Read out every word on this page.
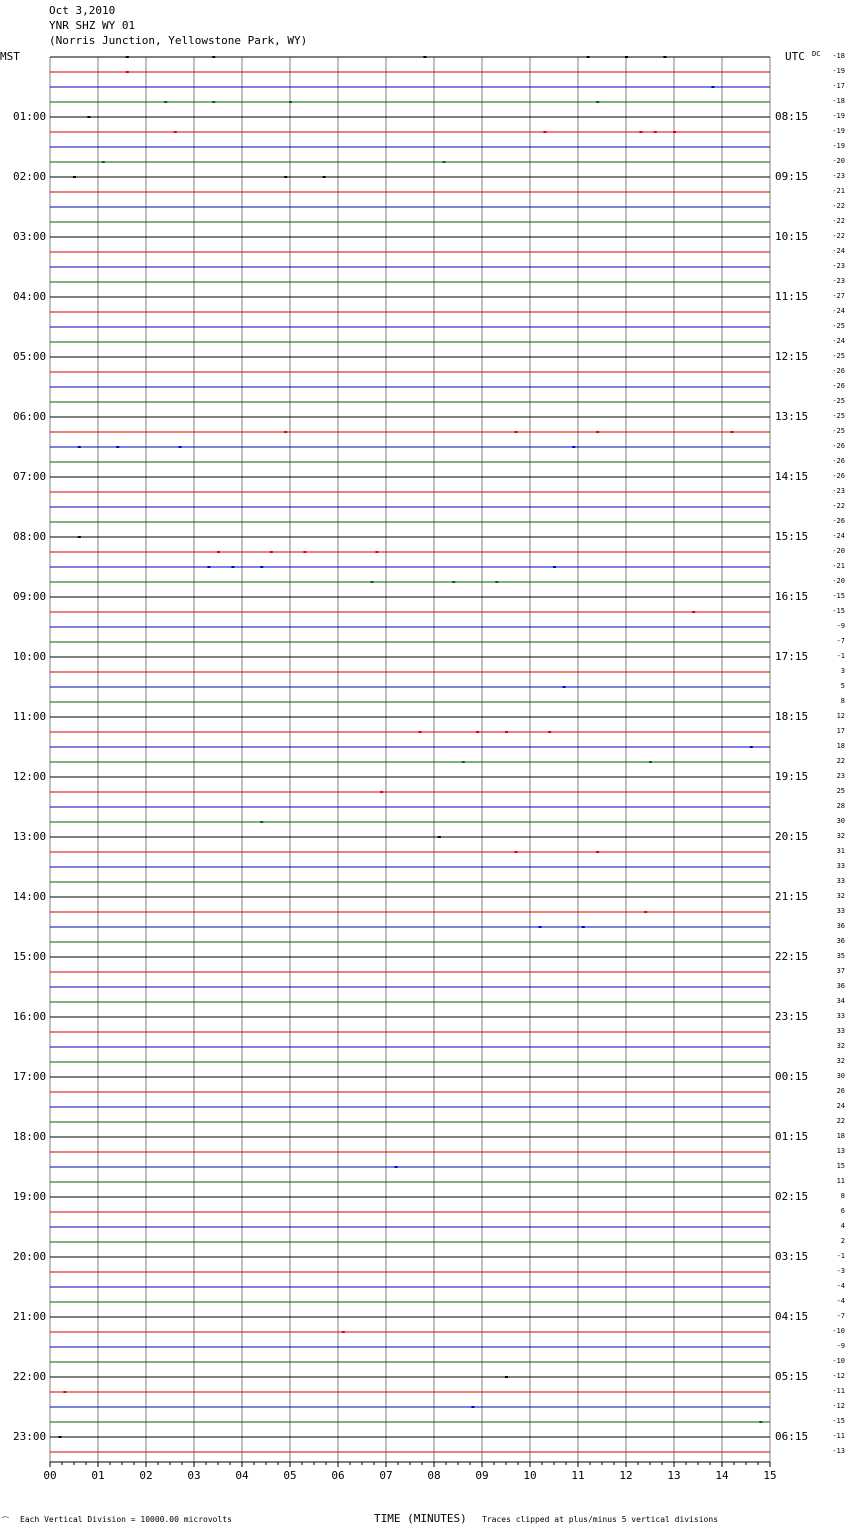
Oct 3,2010
YNR SHZ WY 01
(Norris Junction, Yellowstone Park, WY)
MST	UTC DC
00	01	02	03	04	05	06	07	08	09	10	11	12	13	14	15
01:00
02:00
03:00
04:00
05:00
06:00
07:00
08:00
09:00
10:00
11:00
12:00
13:00
14:00
15:00
16:00
17:00
18:00
19:00
20:00
21:00
22:00
23:00
08:15
09:15
10:15
11:15
12:15
13:15
14:15
15:15
16:15
17:15
18:15
19:15
20:15
21:15
22:15
23:15
00:15
01:15
02:15
03:15
04:15
05:15
06:15
-18
-19
-17
-18
-19
-19
-19
-20
-23
-21
-22
-22
-22
-24
-23
-23
-27
-24
-25
-24
-25
-26
-26
-25
-25
-25
-26
-26
-26
-23
-22
-26
-24
-20
-21
-20
-15
-15
-9
-7
-1
3
5
8
12
17
18
22
23
25
28
30
32
31
33
33
32
33
36
36
35
37
36
34
33
33
32
32
30
26
24
22
18
13
15
11
8
6
4
2
-1
-3
-4
-4
-7
-10
-9
-10
-12
-11
-12
-15
-11
-13
⁀ Each Vertical Division = 10000.00 microvolts	TIME (MINUTES) Traces clipped at plus/minus 5 vertical divisions
